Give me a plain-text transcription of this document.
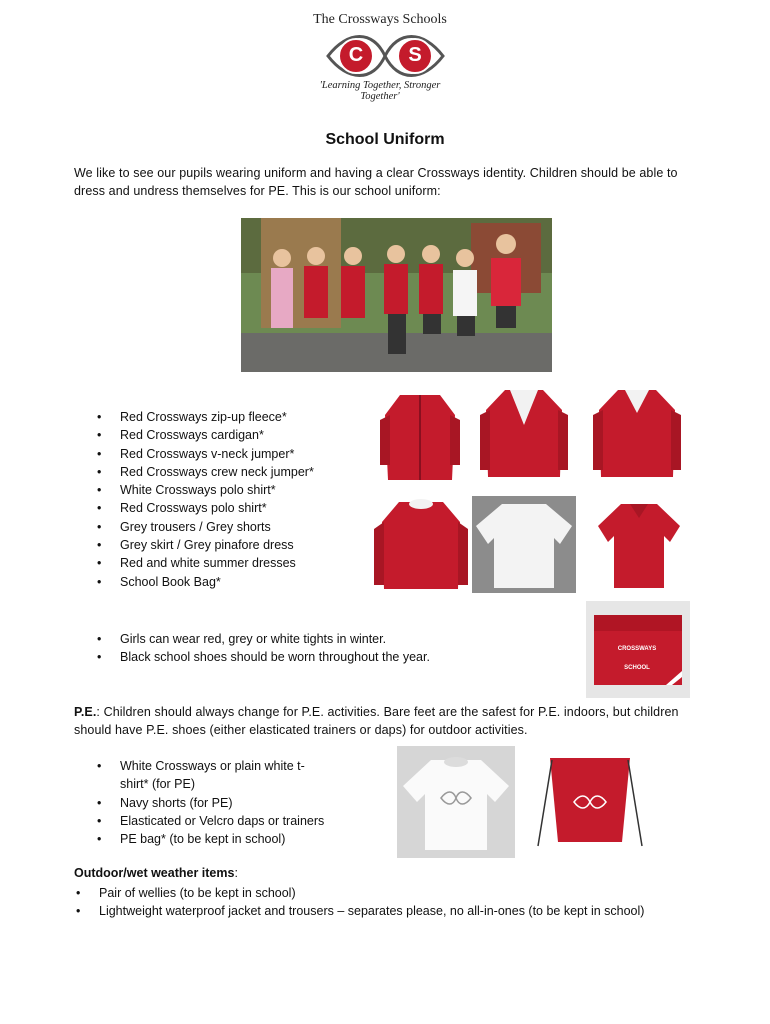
The Crossways Schools
C	S
'Learning Together, Stronger Together'
School Uniform
We like to see our pupils wearing uniform and having a clear Crossways identity. Children should be able to dress and undress themselves for PE. This is our school uniform:
• Red Crossways zip-up fleece*
• Red Crossways cardigan*
• Red Crossways v-neck jumper*
• Red Crossways crew neck jumper*
• White Crossways polo shirt*
• Red Crossways polo shirt*
• Grey trousers / Grey shorts
• Grey skirt / Grey pinafore dress
• Red and white summer dresses
• School Book Bag*
CROSSWAYS
SCHOOL
• Girls can wear red, grey or white tights in winter.
• Black school shoes should be worn throughout the year.
P.E.: Children should always change for P.E. activities. Bare feet are the safest for P.E. indoors, but children should have P.E. shoes (either elasticated trainers or daps) for outdoor activities.
• White Crossways or plain white t-shirt* (for PE)
• Navy shorts (for PE)
• Elasticated or Velcro daps or trainers
• PE bag* (to be kept in school)
Outdoor/wet weather items:
• Pair of wellies (to be kept in school)
• Lightweight waterproof jacket and trousers – separates please, no all-in-ones (to be kept in school)
